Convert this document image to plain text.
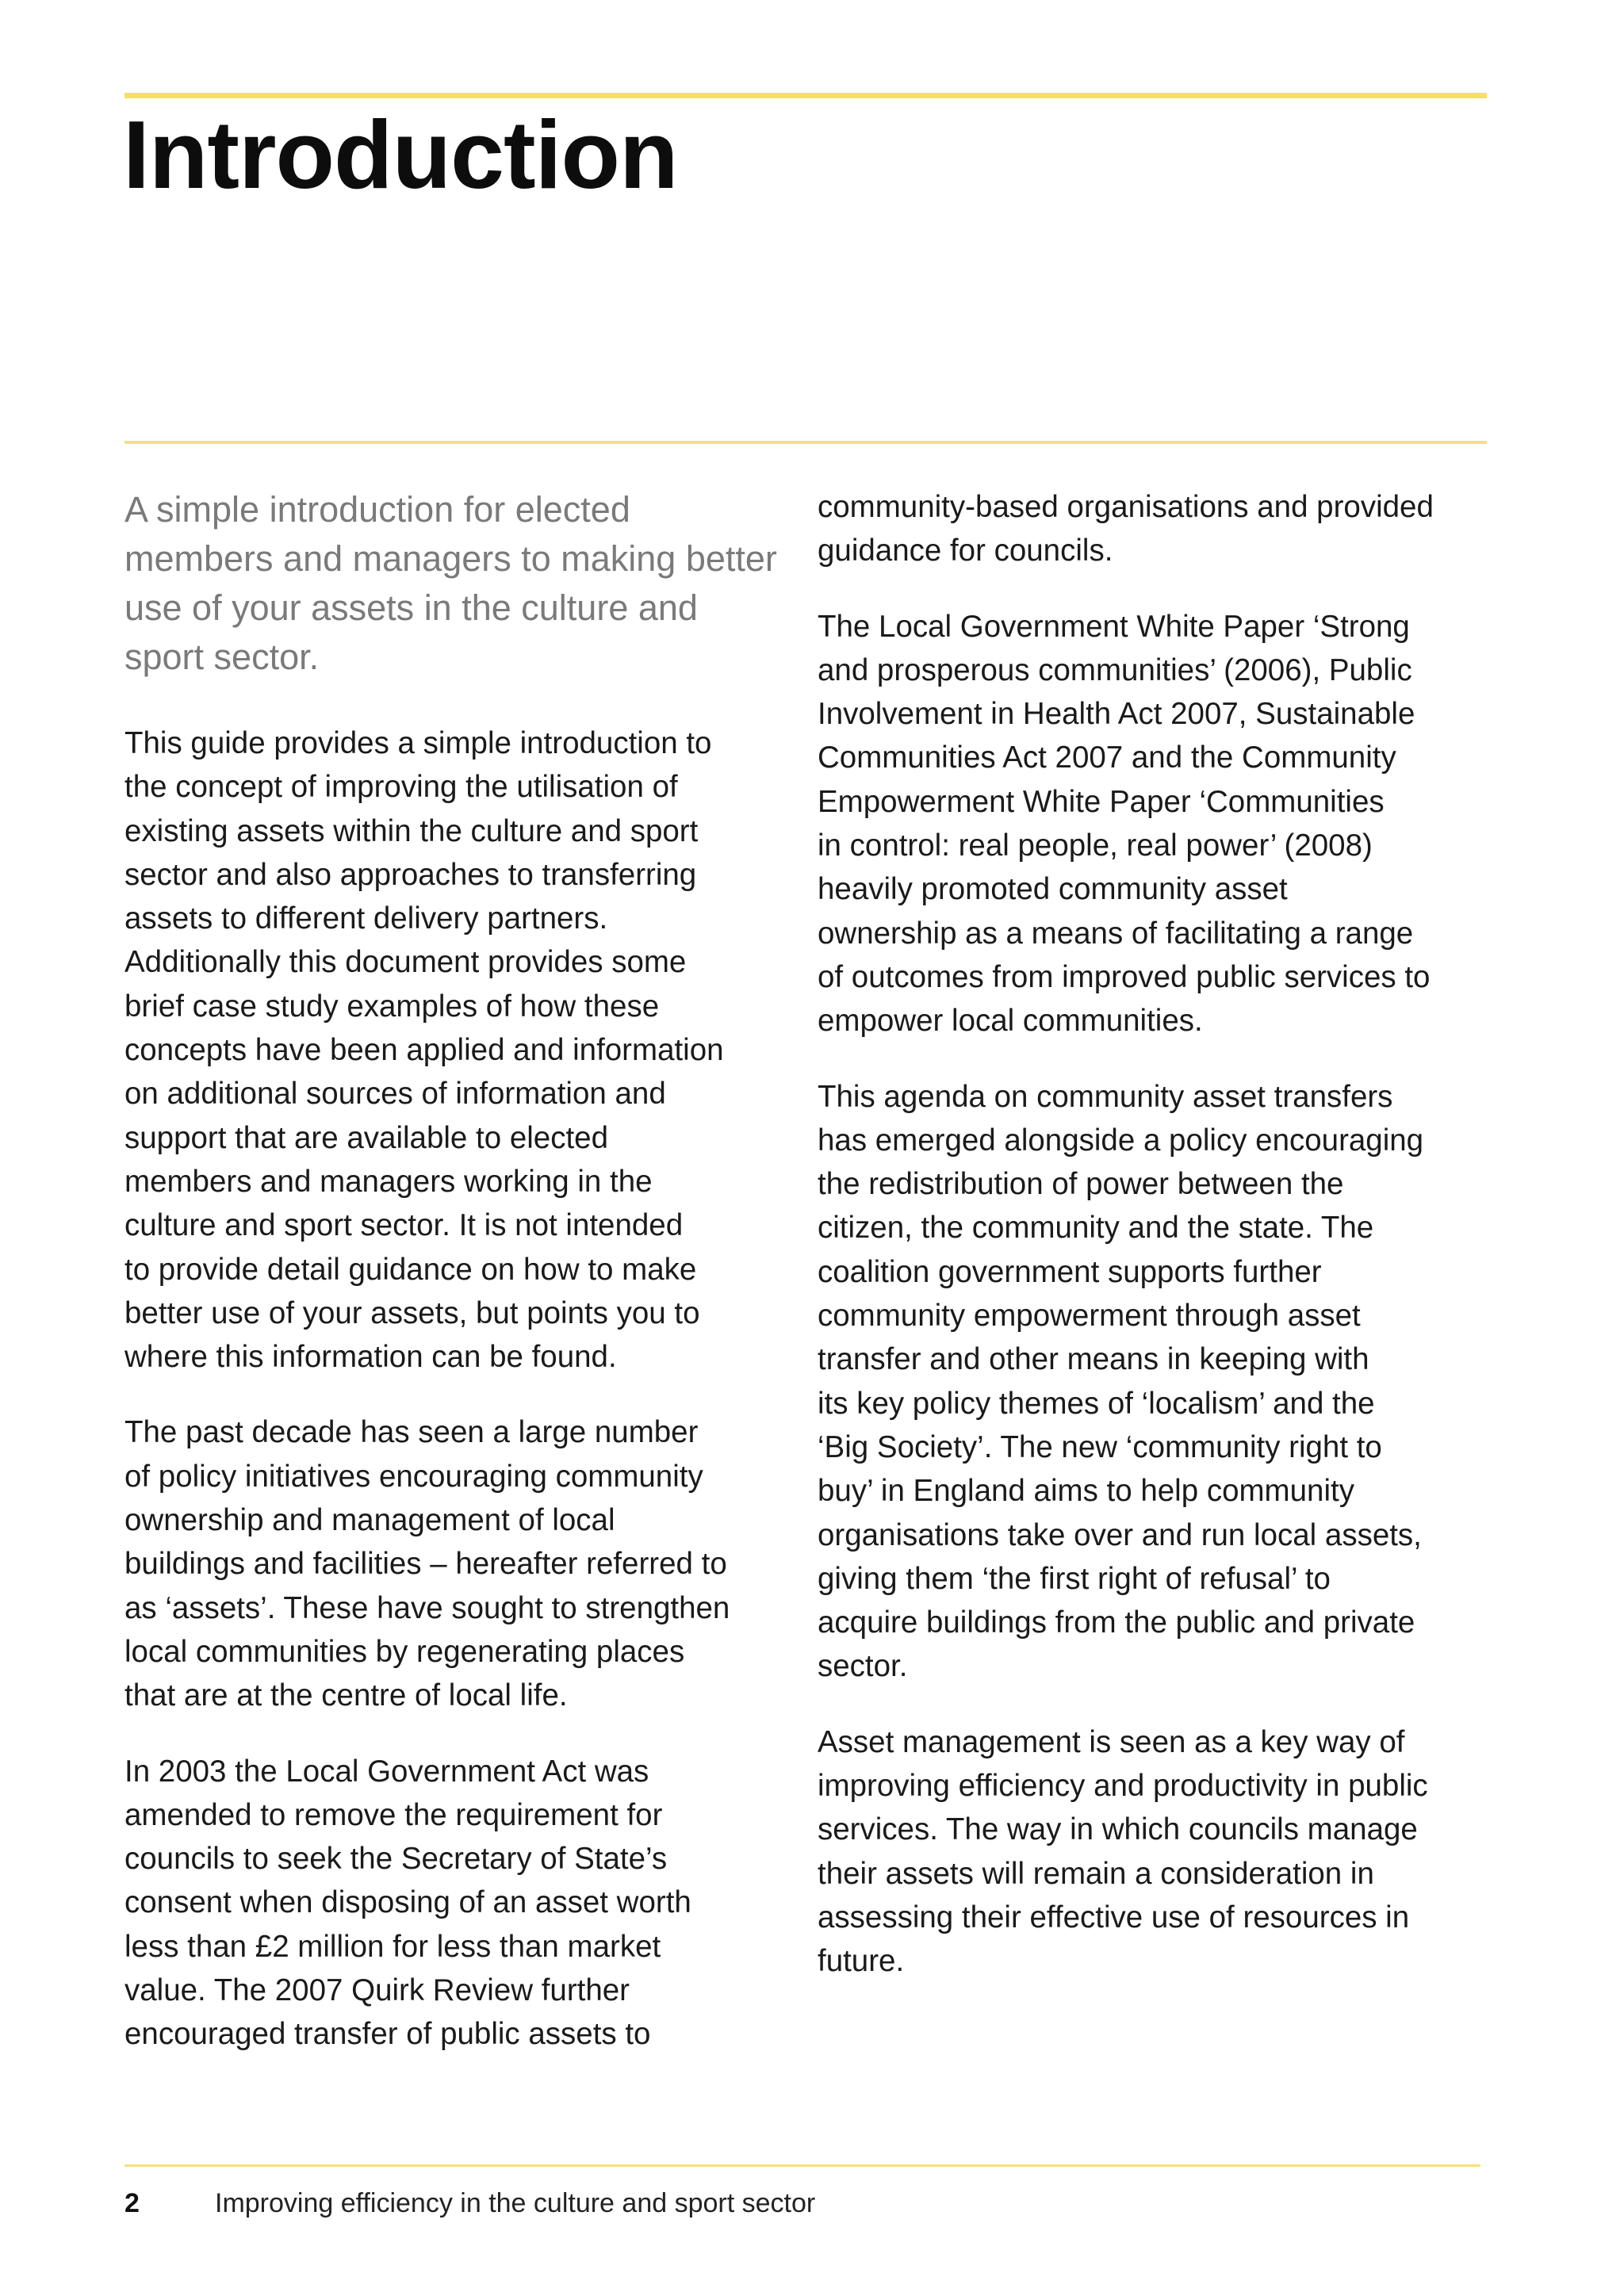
Introduction

A simple introduction for elected members and managers to making better use of your assets in the culture and sport sector.

This guide provides a simple introduction to
the concept of improving the utilisation of
existing assets within the culture and sport
sector and also approaches to transferring
assets to different delivery partners.
Additionally this document provides some
brief case study examples of how these
concepts have been applied and information
on additional sources of information and
support that are available to elected
members and managers working in the
culture and sport sector. It is not intended
to provide detail guidance on how to make
better use of your assets, but points you to
where this information can be found.

The past decade has seen a large number
of policy initiatives encouraging community
ownership and management of local
buildings and facilities – hereafter referred to
as ‘assets’. These have sought to strengthen
local communities by regenerating places
that are at the centre of local life.

In 2003 the Local Government Act was
amended to remove the requirement for
councils to seek the Secretary of State’s
consent when disposing of an asset worth
less than £2 million for less than market
value. The 2007 Quirk Review further
encouraged transfer of public assets to

community-based organisations and provided
guidance for councils.

The Local Government White Paper ‘Strong
and prosperous communities’ (2006), Public
Involvement in Health Act 2007, Sustainable
Communities Act 2007 and the Community
Empowerment White Paper ‘Communities
in control: real people, real power’ (2008)
heavily promoted community asset
ownership as a means of facilitating a range
of outcomes from improved public services to
empower local communities.

This agenda on community asset transfers
has emerged alongside a policy encouraging
the redistribution of power between the
citizen, the community and the state. The
coalition government supports further
community empowerment through asset
transfer and other means in keeping with
its key policy themes of ‘localism’ and the
‘Big Society’. The new ‘community right to
buy’ in England aims to help community
organisations take over and run local assets,
giving them ‘the first right of refusal’ to
acquire buildings from the public and private
sector.

Asset management is seen as a key way of
improving efficiency and productivity in public
services. The way in which councils manage
their assets will remain a consideration in
assessing their effective use of resources in
future.

2	Improving efficiency in the culture and sport sector
